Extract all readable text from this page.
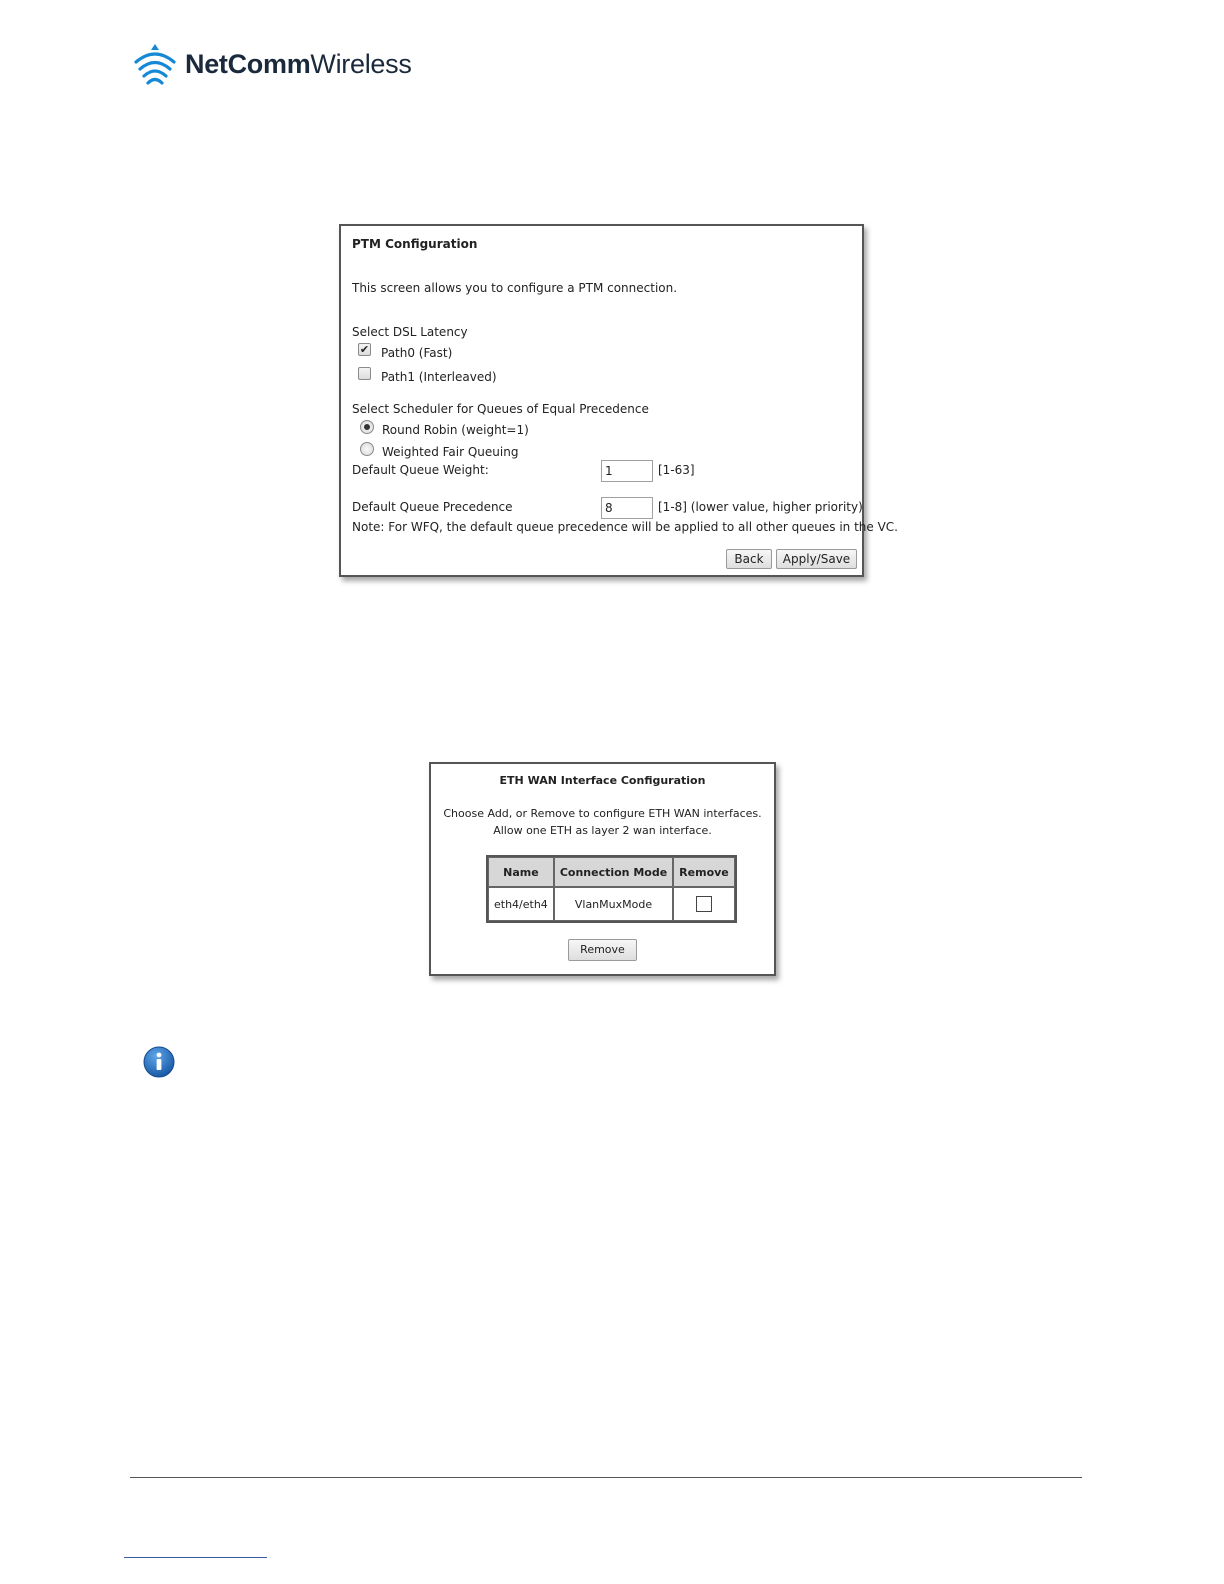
NetCommWireless
PTM Configuration
This screen allows you to configure a PTM connection.
Select DSL Latency
✔ Path0 (Fast)
Path1 (Interleaved)
Select Scheduler for Queues of Equal Precedence
Round Robin (weight=1)
Weighted Fair Queuing
Default Queue Weight:
1	[1-63]
Default Queue Precedence
8	[1-8] (lower value, higher priority)
Note: For WFQ, the default queue precedence will be applied to all other queues in the VC.
Back	Apply/Save
ETH WAN Interface Configuration
Choose Add, or Remove to configure ETH WAN interfaces.
Allow one ETH as layer 2 wan interface.
Name	Connection Mode	Remove
eth4/eth4	VlanMuxMode	
Remove
